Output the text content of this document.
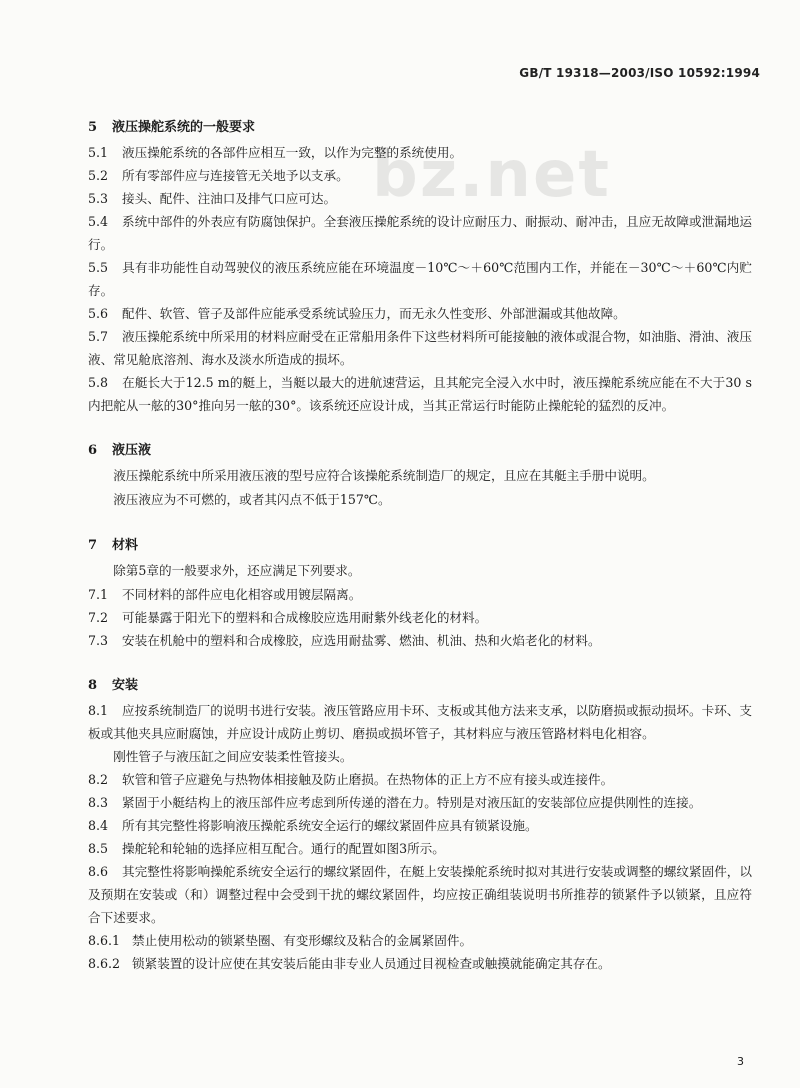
GB/T 19318—2003/ISO 10592:1994
bz.net
5 液压操舵系统的一般要求
5.1 液压操舵系统的各部件应相互一致，以作为完整的系统使用。
5.2 所有零部件应与连接管无关地予以支承。
5.3 接头、配件、注油口及排气口应可达。
5.4 系统中部件的外表应有防腐蚀保护。全套液压操舵系统的设计应耐压力、耐振动、耐冲击，且应无故障或泄漏地运行。
5.5 具有非功能性自动驾驶仪的液压系统应能在环境温度－10℃～＋60℃范围内工作，并能在－30℃～＋60℃内贮存。
5.6 配件、软管、管子及部件应能承受系统试验压力，而无永久性变形、外部泄漏或其他故障。
5.7 液压操舵系统中所采用的材料应耐受在正常船用条件下这些材料所可能接触的液体或混合物，如油脂、滑油、液压液、常见舱底溶剂、海水及淡水所造成的损坏。
5.8 在艇长大于12.5 m的艇上，当艇以最大的进航速营运，且其舵完全浸入水中时，液压操舵系统应能在不大于30 s内把舵从一舷的30°推向另一舷的30°。该系统还应设计成，当其正常运行时能防止操舵轮的猛烈的反冲。
6 液压液
液压操舵系统中所采用液压液的型号应符合该操舵系统制造厂的规定，且应在其艇主手册中说明。
液压液应为不可燃的，或者其闪点不低于157℃。
7 材料
除第5章的一般要求外，还应满足下列要求。
7.1 不同材料的部件应电化相容或用镀层隔离。
7.2 可能暴露于阳光下的塑料和合成橡胶应选用耐紫外线老化的材料。
7.3 安装在机舱中的塑料和合成橡胶，应选用耐盐雾、燃油、机油、热和火焰老化的材料。
8 安装
8.1 应按系统制造厂的说明书进行安装。液压管路应用卡环、支板或其他方法来支承，以防磨损或振动损坏。卡环、支板或其他夹具应耐腐蚀，并应设计成防止剪切、磨损或损坏管子，其材料应与液压管路材料电化相容。
刚性管子与液压缸之间应安装柔性管接头。
8.2 软管和管子应避免与热物体相接触及防止磨损。在热物体的正上方不应有接头或连接件。
8.3 紧固于小艇结构上的液压部件应考虑到所传递的潜在力。特别是对液压缸的安装部位应提供刚性的连接。
8.4 所有其完整性将影响液压操舵系统安全运行的螺纹紧固件应具有锁紧设施。
8.5 操舵轮和轮轴的选择应相互配合。通行的配置如图3所示。
8.6 其完整性将影响操舵系统安全运行的螺纹紧固件，在艇上安装操舵系统时拟对其进行安装或调整的螺纹紧固件，以及预期在安装或（和）调整过程中会受到干扰的螺纹紧固件，均应按正确组装说明书所推荐的锁紧件予以锁紧，且应符合下述要求。
8.6.1 禁止使用松动的锁紧垫圈、有变形螺纹及粘合的金属紧固件。
8.6.2 锁紧装置的设计应使在其安装后能由非专业人员通过目视检查或触摸就能确定其存在。
3
